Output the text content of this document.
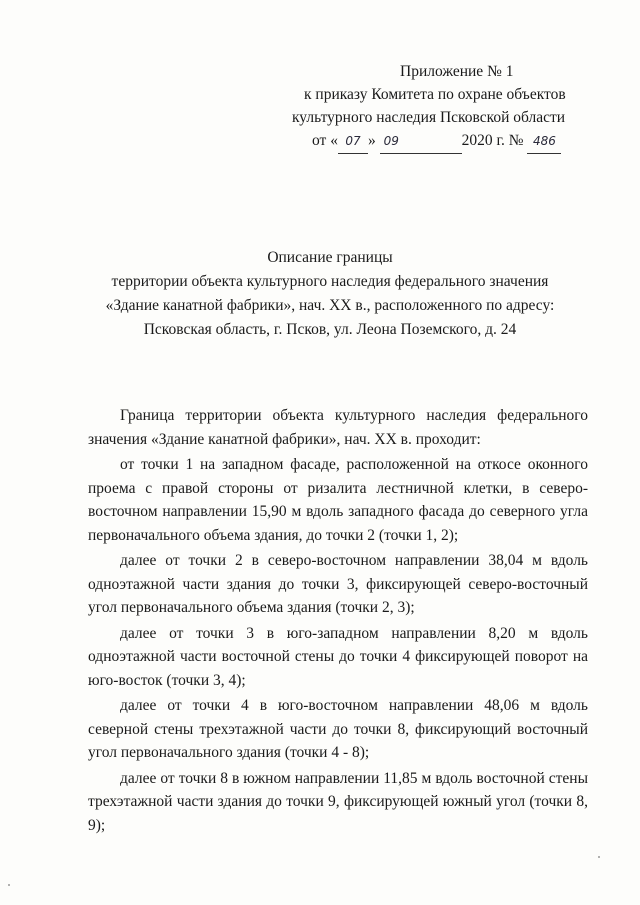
Приложение № 1
к приказу Комитета по охране объектов
культурного наследия Псковской области
от « 07 » 09	2020 г. № 486
Описание границы
территории объекта культурного наследия федерального значения
«Здание канатной фабрики», нач. XX в., расположенного по адресу:
Псковская область, г. Псков, ул. Леона Поземского, д. 24

Граница территории объекта культурного наследия федерального значения «Здание канатной фабрики», нач. XX в. проходит:

от точки 1 на западном фасаде, расположенной на откосе оконного проема с правой стороны от ризалита лестничной клетки, в северо-восточном направлении 15,90 м вдоль западного фасада до северного угла первоначального объема здания, до точки 2 (точки 1, 2);

далее от точки 2 в северо-восточном направлении 38,04 м вдоль одноэтажной части здания до точки 3, фиксирующей северо-восточный угол первоначального объема здания (точки 2, 3);

далее от точки 3 в юго-западном направлении 8,20 м вдоль одноэтажной части восточной стены до точки 4 фиксирующей поворот на юго-восток (точки 3, 4);

далее от точки 4 в юго-восточном направлении 48,06 м вдоль северной стены трехэтажной части до точки 8, фиксирующий восточный угол первоначального здания (точки 4 - 8);

далее от точки 8 в южном направлении 11,85 м вдоль восточной стены трехэтажной части здания до точки 9, фиксирующей южный угол (точки 8, 9);
